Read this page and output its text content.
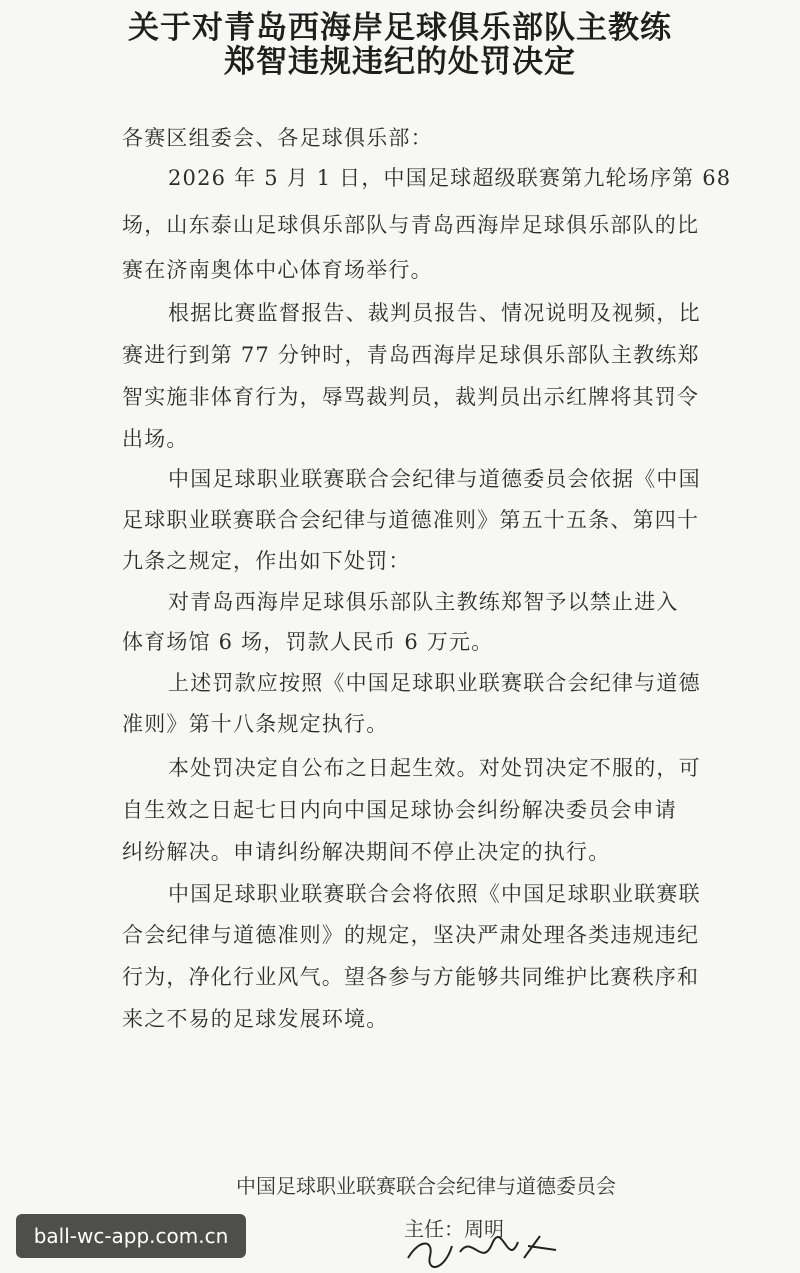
关于对青岛西海岸足球俱乐部队主教练
郑智违规违纪的处罚决定
各赛区组委会、各足球俱乐部：
2026 年 5 月 1 日，中国足球超级联赛第九轮场序第 68
场，山东泰山足球俱乐部队与青岛西海岸足球俱乐部队的比
赛在济南奥体中心体育场举行。
根据比赛监督报告、裁判员报告、情况说明及视频，比
赛进行到第 77 分钟时，青岛西海岸足球俱乐部队主教练郑
智实施非体育行为，辱骂裁判员，裁判员出示红牌将其罚令
出场。
中国足球职业联赛联合会纪律与道德委员会依据《中国
足球职业联赛联合会纪律与道德准则》第五十五条、第四十
九条之规定，作出如下处罚：
对青岛西海岸足球俱乐部队主教练郑智予以禁止进入
体育场馆 6 场，罚款人民币 6 万元。
上述罚款应按照《中国足球职业联赛联合会纪律与道德
准则》第十八条规定执行。
本处罚决定自公布之日起生效。对处罚决定不服的，可
自生效之日起七日内向中国足球协会纠纷解决委员会申请
纠纷解决。申请纠纷解决期间不停止决定的执行。
中国足球职业联赛联合会将依照《中国足球职业联赛联
合会纪律与道德准则》的规定，坚决严肃处理各类违规违纪
行为，净化行业风气。望各参与方能够共同维护比赛秩序和
来之不易的足球发展环境。
中国足球职业联赛联合会纪律与道德委员会
主任：周明
ball-wc-app.com.cn
